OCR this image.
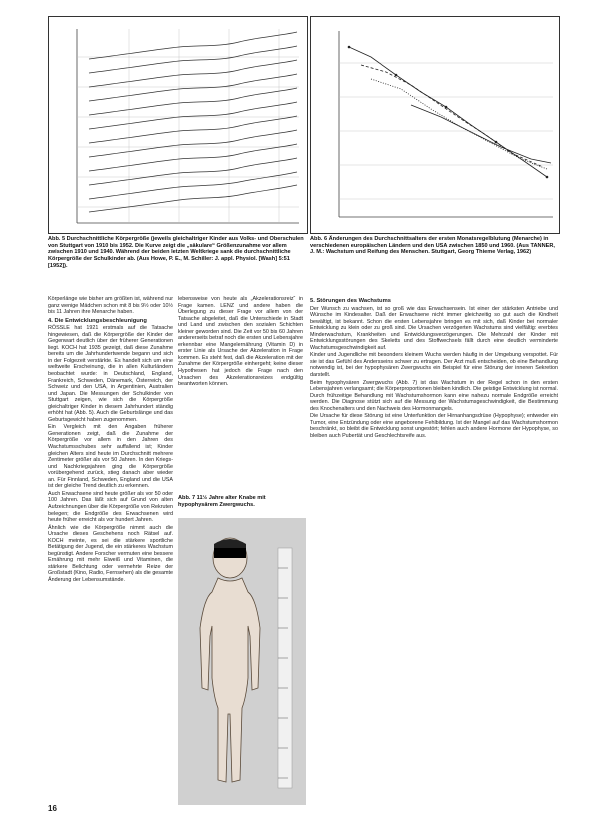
Abb. 5 Durchschnittliche Körpergröße (jeweils gleichaltriger Kinder aus Volks- und Oberschulen von Stuttgart von 1910 bis 1952. Die Kurve zeigt die „säkulare“ Größenzunahme vor allem zwischen 1910 und 1940. Während der beiden letzten Weltkriege sank die durchschnittliche Körpergröße der Schulkinder ab. (Aus Howe, P. E., M. Schiller: J. appl. Physiol. [Wash] 5:51 [1952]).
Abb. 6 Änderungen des Durchschnittsalters der ersten Monatsregelblutung (Menarche) in verschiedenen europäischen Ländern und den USA zwischen 1850 und 1960. (Aus TANNER, J. M.: Wachstum und Reifung des Menschen. Stuttgart, Georg Thieme Verlag, 1962)

Körperlänge wie bisher am größten ist, während nur ganz wenige Mädchen schon mit 8 bis 9½ oder 10½ bis 11 Jahren ihre Menarche haben.

4. Die Entwicklungsbeschleunigung

RÖSSLE hat 1921 erstmals auf die Tatsache hingewiesen, daß die Körpergröße der Kinder der Gegenwart deutlich über der früherer Generationen liegt. KOCH hat 1935 gezeigt, daß diese Zunahme bereits um die Jahrhundertwende begann und sich in der Folgezeit verstärkte. Es handelt sich um eine weltweite Erscheinung, die in allen Kulturländern beobachtet wurde: in Deutschland, England, Frankreich, Schweden, Dänemark, Österreich, der Schweiz und den USA, in Argentinien, Australien und Japan. Die Messungen der Schulkinder von Stuttgart zeigen, wie sich die Körpergröße gleichaltriger Kinder in diesem Jahrhundert ständig erhöht hat (Abb. 5). Auch die Geburtslänge und das Geburtsgewicht haben zugenommen.

Ein Vergleich mit den Angaben früherer Generationen zeigt, daß die Zunahme der Körpergröße vor allem in den Jahren des Wachstumsschubes sehr auffallend ist; Kinder gleichen Alters sind heute im Durchschnitt mehrere Zentimeter größer als vor 50 Jahren. In den Kriegs- und Nachkriegsjahren ging die Körpergröße vorübergehend zurück, stieg danach aber wieder an. Für Finnland, Schweden, England und die USA ist der gleiche Trend deutlich zu erkennen.

Auch Erwachsene sind heute größer als vor 50 oder 100 Jahren. Das läßt sich auf Grund von alten Aufzeichnungen über die Körpergröße von Rekruten belegen; die Endgröße des Erwachsenen wird heute früher erreicht als vor hundert Jahren.

Ähnlich wie die Körpergröße nimmt auch die Ursache dieses Geschehens noch Rätsel auf. KOCH meinte, es sei die stärkere sportliche Betätigung der Jugend, die ein stärkeres Wachstum begünstigt. Andere Forscher vermuten eine bessere Ernährung mit mehr Eiweiß und Vitaminen, die stärkere Belichtung oder vermehrte Reize der Großstadt (Kino, Radio, Fernsehen) als die gesamte Änderung der Lebensumstände.

lebensweise von heute als „Akzelerationsreiz“ in Frage kamen. LENZ und andere haben die Überlegung zu dieser Frage vor allem von der Tatsache abgeleitet, daß die Unterschiede in Stadt und Land und zwischen den sozialen Schichten kleiner geworden sind. Die Zeit vor 50 bis 60 Jahren andererseits betraf noch die ersten und Lebensjahre erkennbar eine Mangelernährung (Vitamin D) in erster Linie als Ursache der Akzeleration in Frage kommen. Es steht fest, daß die Akzeleration mit der Zunahme der Körpergröße einhergeht; keine dieser Hypothesen hat jedoch die Frage nach den Ursachen des Akzelerationsreizes endgültig beantworten können.

Abb. 7 11½ Jahre alter Knabe mit hypophysärem Zwergwuchs.
5. Störungen des Wachstums

Der Wunsch zu wachsen, ist so groß wie das Erwachsensein. Ist einer der stärksten Antriebe und Wünsche im Kindesalter. Daß der Erwachsene nicht immer gleichzeitig so gut auch die Kindheit bewältigt, ist bekannt. Schon die ersten Lebensjahre bringen es mit sich, daß Kinder bei normaler Entwicklung zu klein oder zu groß sind. Die Ursachen verzögerten Wachstums sind vielfältig: ererbtes Minderwachstum, Krankheiten und Entwicklungsverzögerungen. Die Mehrzahl der Kinder mit Entwicklungsstörungen des Skeletts und des Stoffwechsels fällt durch eine deutlich verminderte Wachstumsgeschwindigkeit auf.

Kinder und Jugendliche mit besonders kleinem Wuchs werden häufig in der Umgebung verspottet. Für sie ist das Gefühl des Andersseins schwer zu ertragen. Der Arzt muß entscheiden, ob eine Behandlung notwendig ist, bei der hypophysären Zwergwuchs ein Beispiel für eine Störung der inneren Sekretion darstellt.

Beim hypophysären Zwergwuchs (Abb. 7) ist das Wachstum in der Regel schon in den ersten Lebensjahren verlangsamt; die Körperproportionen bleiben kindlich. Die geistige Entwicklung ist normal. Durch frühzeitige Behandlung mit Wachstumshormon kann eine nahezu normale Endgröße erreicht werden. Die Diagnose stützt sich auf die Messung der Wachstumsgeschwindigkeit, die Bestimmung des Knochenalters und den Nachweis des Hormonmangels.

Die Ursache für diese Störung ist eine Unterfunktion der Hirnanhangsdrüse (Hypophyse); entweder ein Tumor, eine Entzündung oder eine angeborene Fehlbildung. Ist der Mangel auf das Wachstumshormon beschränkt, so bleibt die Entwicklung sonst ungestört; fehlen auch andere Hormone der Hypophyse, so bleiben auch Pubertät und Geschlechtsreife aus.

16
